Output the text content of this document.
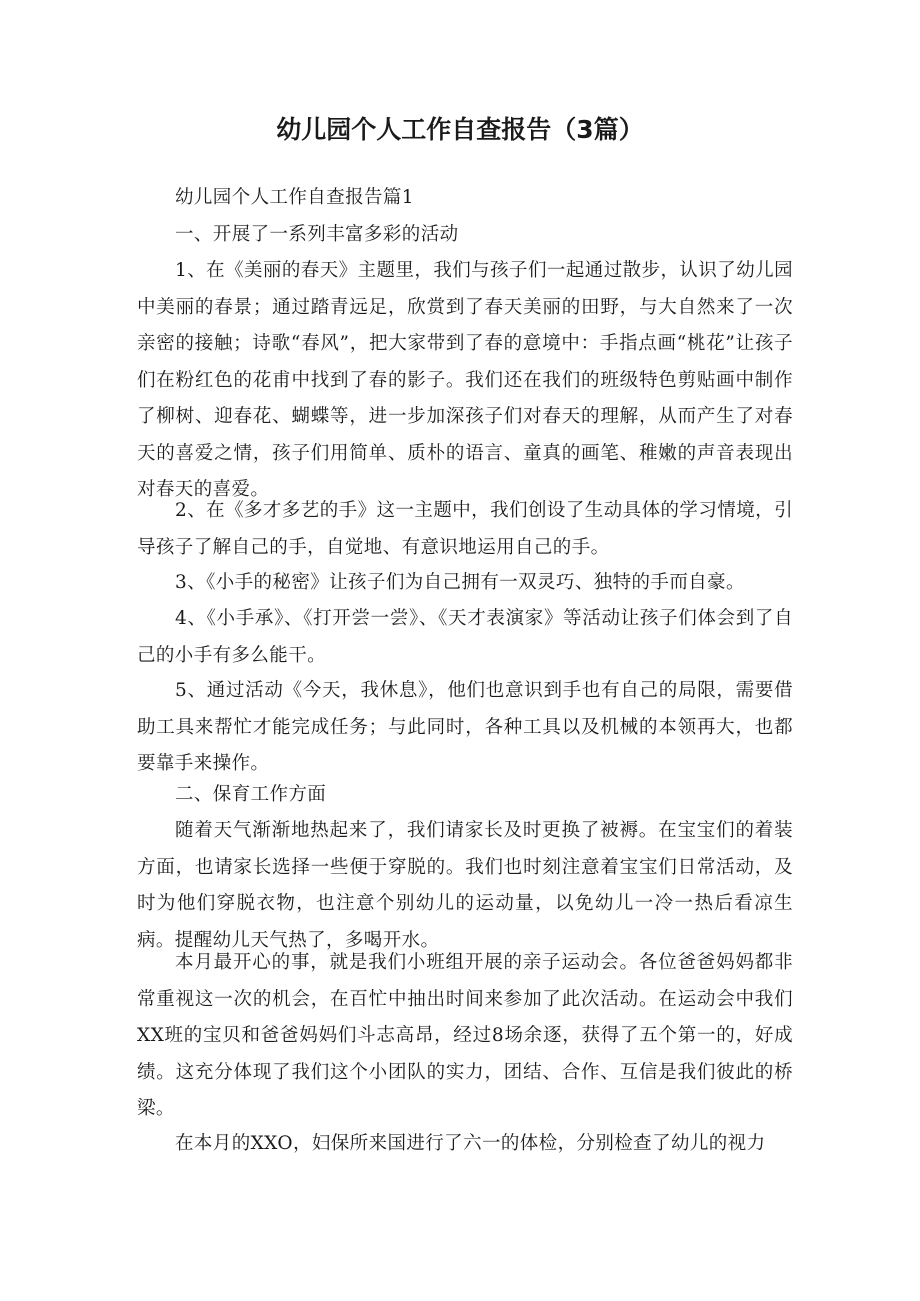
幼儿园个人工作自查报告（3篇）

幼儿园个人工作自查报告篇1

一、开展了一系列丰富多彩的活动

1、在《美丽的春天》主题里，我们与孩子们一起通过散步，认识了幼儿园中美丽的春景；通过踏青远足，欣赏到了春天美丽的田野，与大自然来了一次亲密的接触；诗歌“春风”，把大家带到了春的意境中：手指点画“桃花”让孩子们在粉红色的花甫中找到了春的影子。我们还在我们的班级特色剪贴画中制作了柳树、迎春花、蝴蝶等，进一步加深孩子们对春天的理解，从而产生了对春天的喜爱之情，孩子们用简单、质朴的语言、童真的画笔、稚嫩的声音表现出对春天的喜爱。

2、在《多才多艺的手》这一主题中，我们创设了生动具体的学习情境，引导孩子了解自己的手，自觉地、有意识地运用自己的手。

3、《小手的秘密》让孩子们为自己拥有一双灵巧、独特的手而自豪。

4、《小手承》、《打开尝一尝》、《天才表演家》等活动让孩子们体会到了自己的小手有多么能干。

5、通过活动《今天，我休息》，他们也意识到手也有自己的局限，需要借助工具来帮忙才能完成任务；与此同时，各种工具以及机械的本领再大，也都要靠手来操作。

二、保育工作方面

随着天气渐渐地热起来了，我们请家长及时更换了被褥。在宝宝们的着装方面，也请家长选择一些便于穿脱的。我们也时刻注意着宝宝们日常活动，及时为他们穿脱衣物，也注意个别幼儿的运动量，以免幼儿一冷一热后看凉生病。提醒幼儿天气热了，多喝开水。

本月最开心的事，就是我们小班组开展的亲子运动会。各位爸爸妈妈都非常重视这一次的机会，在百忙中抽出时间来参加了此次活动。在运动会中我们XX班的宝贝和爸爸妈妈们斗志高昂，经过8场余逐，获得了五个第一的，好成绩。这充分体现了我们这个小团队的实力，团结、合作、互信是我们彼此的桥梁。

在本月的XXO，妇保所来国进行了六一的体检，分别检查了幼儿的视力
